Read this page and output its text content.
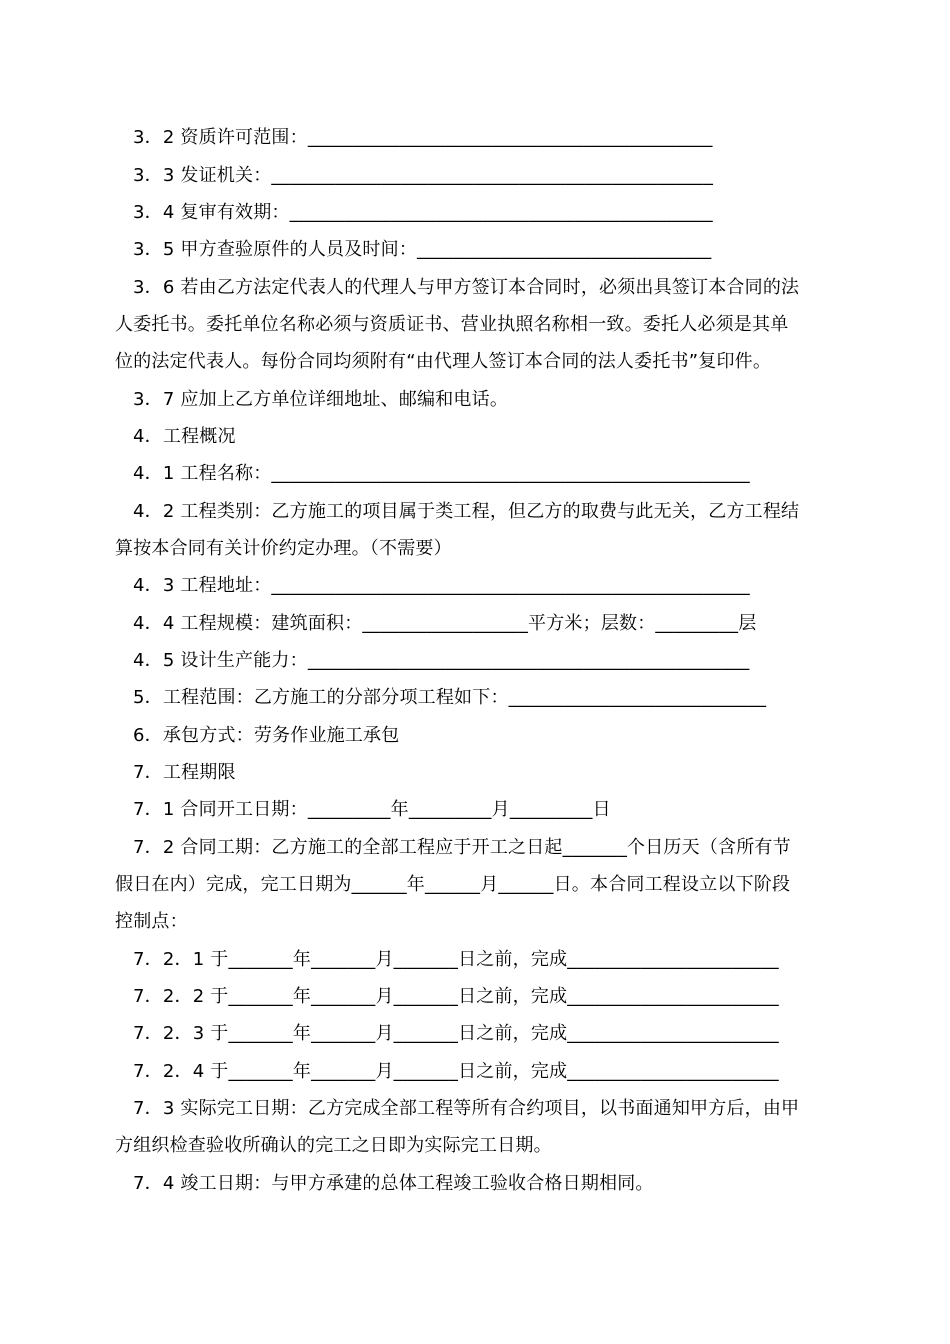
3．2 资质许可范围：____________________________________________
3．3 发证机关：________________________________________________
3．4 复审有效期：______________________________________________
3．5 甲方查验原件的人员及时间：________________________________
3．6 若由乙方法定代表人的代理人与甲方签订本合同时，必须出具签订本合同的法
人委托书。委托单位名称必须与资质证书、营业执照名称相一致。委托人必须是其单
位的法定代表人。每份合同均须附有“由代理人签订本合同的法人委托书”复印件。
3．7 应加上乙方单位详细地址、邮编和电话。
4．工程概况
4．1 工程名称：____________________________________________________
4．2 工程类别：乙方施工的项目属于类工程，但乙方的取费与此无关，乙方工程结
算按本合同有关计价约定办理。（不需要）
4．3 工程地址：____________________________________________________
4．4 工程规模：建筑面积：__________________平方米；层数：_________层
4．5 设计生产能力：________________________________________________
5．工程范围：乙方施工的分部分项工程如下：____________________________
6．承包方式：劳务作业施工承包
7．工程期限
7．1 合同开工日期：_________年_________月_________日
7．2 合同工期：乙方施工的全部工程应于开工之日起_______个日历天（含所有节
假日在内）完成，完工日期为______年______月______日。本合同工程设立以下阶段
控制点：
7．2．1 于_______年_______月_______日之前，完成_______________________
7．2．2 于_______年_______月_______日之前，完成_______________________
7．2．3 于_______年_______月_______日之前，完成_______________________
7．2．4 于_______年_______月_______日之前，完成_______________________
7．3 实际完工日期：乙方完成全部工程等所有合约项目，以书面通知甲方后，由甲
方组织检查验收所确认的完工之日即为实际完工日期。
7．4 竣工日期：与甲方承建的总体工程竣工验收合格日期相同。
